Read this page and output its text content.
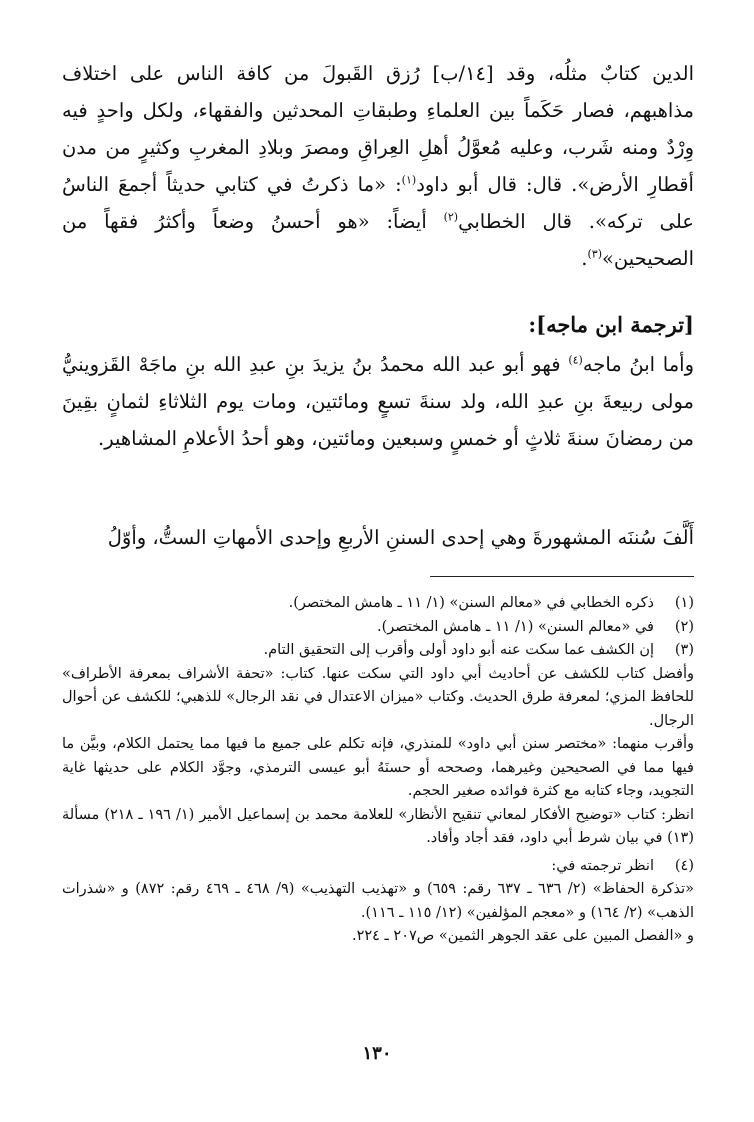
الدين كتابٌ مثلُه، وقد [١٤/ب] رُزق القَبولَ من كافة الناس على اختلاف مذاهبهم، فصار حَكَماً بين العلماءِ وطبقاتِ المحدثين والفقهاء، ولكل واحدٍ فيه وِرْدٌ ومنه شَرب، وعليه مُعوَّلُ أهلِ العِراقِ ومصرَ وبلادِ المغربِ وكثيرٍ من مدن أقطارِ الأرض». قال: قال أبو داود$^{(١)}$: «ما ذكرتُ في كتابي حديثاً أجمعَ الناسُ على تركه». قال الخطابي$^{(٢)}$ أيضاً: «هو أحسنُ وضعاً وأكثرُ فقهاً من الصحيحين»$^{(٣)}$.

[ترجمة ابن ماجه]:

وأما ابنُ ماجه$^{(٤)}$ فهو أبو عبد الله محمدُ بنُ يزيدَ بنِ عبدِ الله بنِ ماجَهْ القَزوينيُّ مولى ربيعةَ بنِ عبدِ الله، ولد سنةَ تسعٍ ومائتين، ومات يوم الثلاثاءِ لثمانٍ بقِينَ من رمضانَ سنةَ ثلاثٍ أو خمسٍ وسبعين ومائتين، وهو أحدُ الأعلامِ المشاهير.

أَلَّفَ سُننَه المشهورةَ وهي إحدى السننِ الأربعِ وإحدى الأمهاتِ الستُّ، وأوّلُ

(١)
ذكره الخطابي في «معالم السنن» (١/ ١١ ـ هامش المختصر).
(٢)
في «معالم السنن» (١/ ١١ ـ هامش المختصر).
(٣)
إن الكشف عما سكت عنه أبو داود أولى وأقرب إلى التحقيق التام.
وأفضل كتاب للكشف عن أحاديث أبي داود التي سكت عنها. كتاب: «تحفة الأشراف بمعرفة الأطراف» للحافظ المزي؛ لمعرفة طرق الحديث. وكتاب «ميزان الاعتدال في نقد الرجال» للذهبي؛ للكشف عن أحوال الرجال.
وأقرب منهما: «مختصر سنن أبي داود» للمنذري، فإنه تكلم على جميع ما فيها مما يحتمل الكلام، وبيَّن ما فيها مما في الصحيحين وغيرهما، وصححه أو حسنَهُ أبو عيسى الترمذي، وجوَّد الكلام على حديثها غاية التجويد، وجاء كتابه مع كثرة فوائده صغير الحجم.
انظر: كتاب «توضيح الأفكار لمعاني تنقيح الأنظار» للعلامة محمد بن إسماعيل الأمير (١/ ١٩٦ ـ ٢١٨) مسألة (١٣) في بيان شرط أبي داود، فقد أجاد وأفاد.
(٤)
انظر ترجمته في:
«تذكرة الحفاظ» (٢/ ٦٣٦ ـ ٦٣٧ رقم: ٦٥٩) و «تهذيب التهذيب» (٩/ ٤٦٨ ـ ٤٦٩ رقم: ٨٧٢) و «شذرات الذهب» (٢/ ١٦٤) و «معجم المؤلفين» (١٢/ ١١٥ ـ ١١٦).
و «الفصل المبين على عقد الجوهر الثمين» ص٢٠٧ ـ ٢٢٤.
١٣٠
